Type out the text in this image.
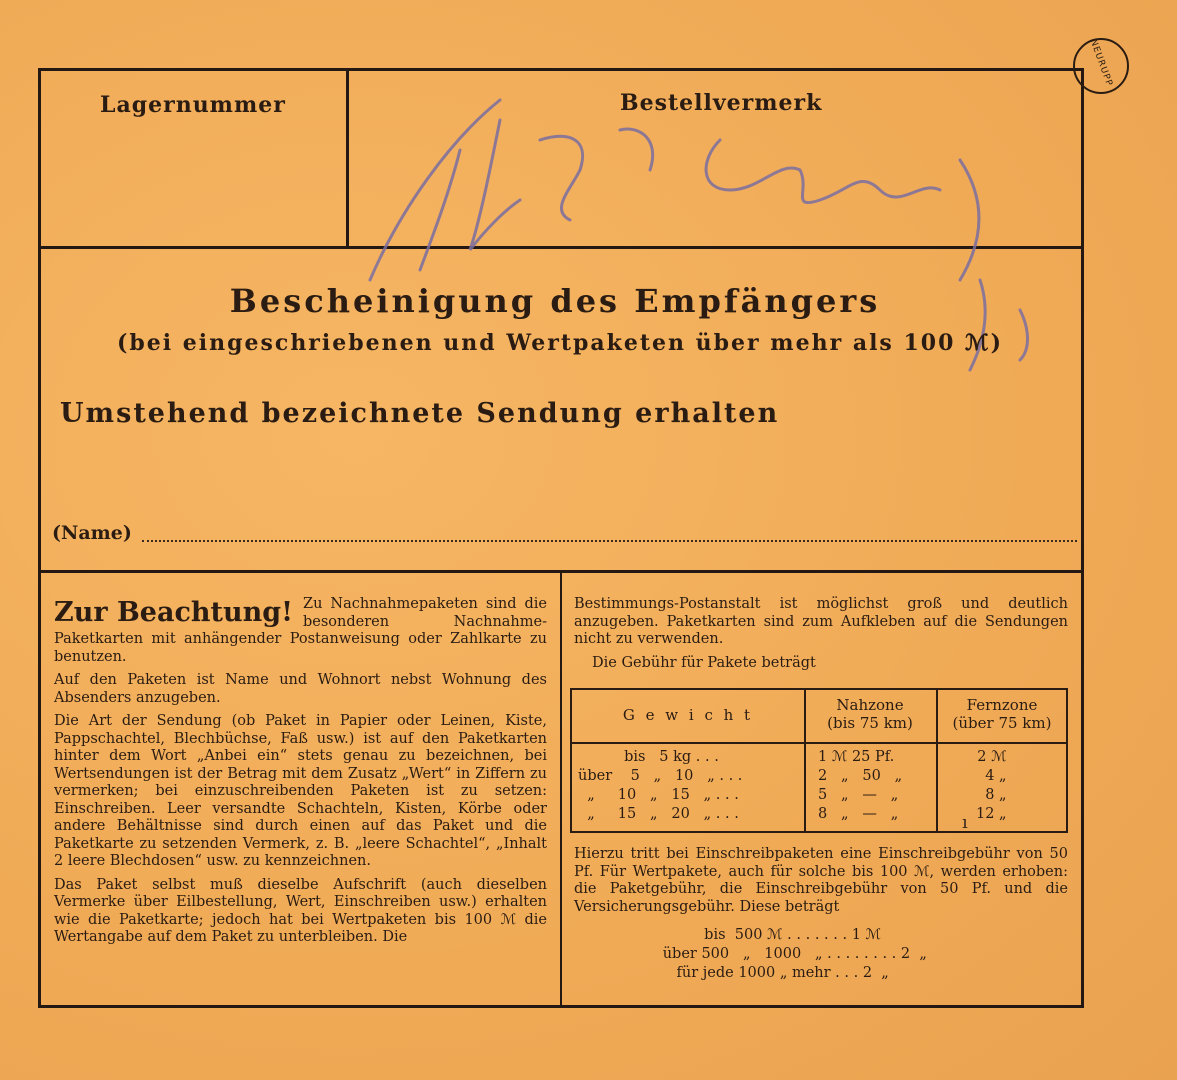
Lagernummer	Bestellvermerk
Bescheinigung des Empfängers
(bei eingeschriebenen und Wertpaketen über mehr als 100 ℳ)
Umstehend bezeichnete Sendung erhalten
(Name)

Zur Beachtung! Zu Nachnahmepaketen sind die besonderen Nachnahme-Paketkarten mit anhängender Postanweisung oder Zahlkarte zu benutzen.

Auf den Paketen ist Name und Wohnort nebst Wohnung des Absenders anzugeben.

Die Art der Sendung (ob Paket in Papier oder Leinen, Kiste, Pappschachtel, Blechbüchse, Faß usw.) ist auf den Paketkarten hinter dem Wort „Anbei ein“ stets genau zu bezeichnen, bei Wertsendungen ist der Betrag mit dem Zusatz „Wert“ in Ziffern zu vermerken; bei einzuschreibenden Paketen ist zu setzen: Einschreiben. Leer versandte Schachteln, Kisten, Körbe oder andere Behältnisse sind durch einen auf das Paket und die Paketkarte zu setzenden Vermerk, z. B. „leere Schachtel“, „Inhalt 2 leere Blechdosen“ usw. zu kennzeichnen.

Das Paket selbst muß dieselbe Aufschrift (auch dieselben Vermerke über Eilbestellung, Wert, Einschreiben usw.) erhalten wie die Paketkarte; jedoch hat bei Wertpaketen bis 100 ℳ die Wertangabe auf dem Paket zu unterbleiben. Die

Bestimmungs-Postanstalt ist möglichst groß und deutlich anzugeben. Paketkarten sind zum Aufkleben auf die Sendungen nicht zu verwenden.

Die Gebühr für Pakete beträgt

G e w i c h t
Nahzone
(bis 75 km)
Fernzone
(über 75 km)
bis   5 kg . . .
über    5   „   10   „ . . .
„     10   „   15   „ . . .
„     15   „   20   „ . . .
1 ℳ 25 Pf.
2   „   50   „
5   „   —   „
8   „   —   „
2 ℳ
4 „
8 „
12 „

Hierzu tritt bei Einschreibpaketen eine Einschreibgebühr von 50 Pf. Für Wertpakete, auch für solche bis 100 ℳ, werden erhoben: die Paketgebühr, die Einschreibgebühr von 50 Pf. und die Versicherungsgebühr. Diese beträgt

bis  500 ℳ . . . . . . . 1 ℳ
über 500   „   1000   „ . . . . . . . . 2  „
für jede 1000 „ mehr . . . 2  „
NEURUPP
ı
